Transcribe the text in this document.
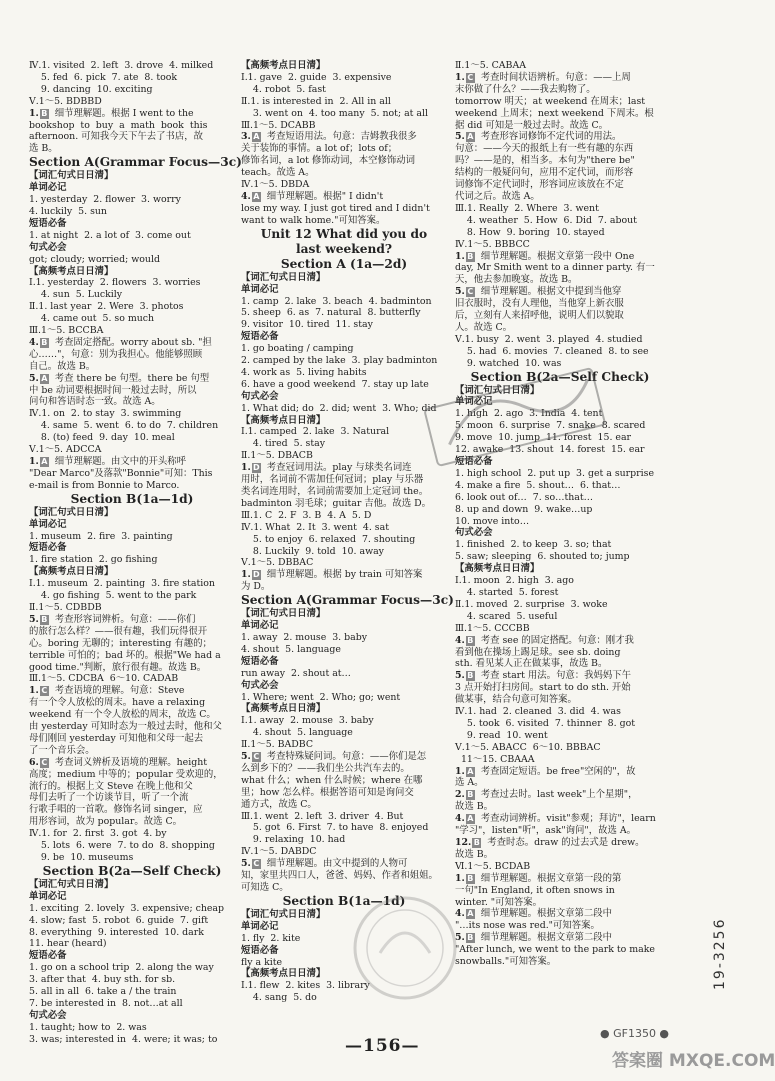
Ⅳ.1. visited  2. left  3. drove  4. milked
5. fed  6. pick  7. ate  8. took
9. dancing  10. exciting
Ⅴ.1～5. BDBBD
1. B  细节理解题。根据 I went to the
bookshop  to  buy  a  math  book  this
afternoon. 可知我今天下午去了书店，故
选 B。
Section A(Grammar Focus—3c)
【词汇句式日日清】
单词必记
1. yesterday  2. flower  3. worry
4. luckily  5. sun
短语必备
1. at night  2. a lot of  3. come out
句式必会
got; cloudy; worried; would
【高频考点日日清】
Ⅰ.1. yesterday  2. flowers  3. worries
4. sun  5. Luckily
Ⅱ.1. last year  2. Were  3. photos
4. came out  5. so much
Ⅲ.1～5. BCCBA
4. B  考查固定搭配。worry about sb. "担
心……"，句意：别为我担心。他能够照顾
自己。故选 B。
5. A  考查 there be 句型。there be 句型
中 be 动词要根据时间一般过去时，所以
问句和答语时态一致。故选 A。
Ⅳ.1. on  2. to stay  3. swimming
4. same  5. went  6. to do  7. children
8. (to) feed  9. day  10. meal
Ⅴ.1～5. ADCCA
1. A  细节理解题。由文中的开头称呼
"Dear Marco"及落款"Bonnie"可知：This
e-mail is from Bonnie to Marco.
Section B(1a—1d)
【词汇句式日日清】
单词必记
1. museum  2. fire  3. painting
短语必备
1. fire station  2. go fishing
【高频考点日日清】
Ⅰ.1. museum  2. painting  3. fire station
4. go fishing  5. went to the park
Ⅱ.1～5. CDBDB
5. B  考查形容词辨析。句意：——你们
的旅行怎么样？——很有趣，我们玩得很开
心。boring 无聊的；interesting 有趣的；
terrible 可怕的；bad 坏的。根据"We had a
good time."判断，旅行很有趣。故选 B。
Ⅲ.1～5. CDCBA  6～10. CADAB
1. C  考查语境的理解。句意：Steve
有一个令人放松的周末。have a relaxing
weekend 有一个令人放松的周末，故选 C。
由 yesterday 可知时态为一般过去时，他和父
母们刚回 yesterday 可知他和父母一起去
了一个音乐会。
6. C  考查词义辨析及语境的理解。height
高度；medium 中等的；popular 受欢迎的，
流行的。根据上文 Steve 在晚上他和父
母们去听了一个访谈节目，听了一个流
行歌手唱的一首歌。修饰名词 singer，应
用形容词，故为 popular。故选 C。
Ⅳ.1. for  2. first  3. got  4. by
5. lots  6. were  7. to do  8. shopping
9. be  10. museums
Section B(2a—Self Check)
【词汇句式日日清】
单词必记
1. exciting  2. lovely  3. expensive; cheap
4. slow; fast  5. robot  6. guide  7. gift
8. everything  9. interested  10. dark
11. hear (heard)
短语必备
1. go on a school trip  2. along the way
3. after that  4. buy sth. for sb.
5. all in all  6. take a / the train
7. be interested in  8. not…at all
句式必会
1. taught; how to  2. was
3. was; interested in  4. were; it was; to
【高频考点日日清】
Ⅰ.1. gave  2. guide  3. expensive
4. robot  5. fast
Ⅱ.1. is interested in  2. All in all
3. went on  4. too many  5. not; at all
Ⅲ.1～5. DCABB
3. A  考查短语用法。句意：吉姆教我很多
关于装饰的事情。a lot of；lots of；
修饰名词，a lot 修饰动词，本空修饰动词
teach。故选 A。
Ⅳ.1～5. DBDA
4. A  细节理解题。根据" I didn't
lose my way. I just got tired and I didn't
want to walk home."可知答案。
Unit 12 What did you do
last weekend?
Section A (1a—2d)
【词汇句式日日清】
单词必记
1. camp  2. lake  3. beach  4. badminton
5. sheep  6. as  7. natural  8. butterfly
9. visitor  10. tired  11. stay
短语必备
1. go boating / camping
2. camped by the lake  3. play badminton
4. work as  5. living habits
6. have a good weekend  7. stay up late
句式必会
1. What did; do  2. did; went  3. Who; did
【高频考点日日清】
Ⅰ.1. camped  2. lake  3. Natural
4. tired  5. stay
Ⅱ.1～5. DBACB
1. D  考查冠词用法。play 与球类名词连
用时，名词前不需加任何冠词；play 与乐器
类名词连用时，名词前需要加上定冠词 the。
badminton 羽毛球；guitar 吉他。故选 D。
Ⅲ.1. C  2. F  3. B  4. A  5. D
Ⅳ.1. What  2. It  3. went  4. sat
5. to enjoy  6. relaxed  7. shouting
8. Luckily  9. told  10. away
Ⅴ.1～5. DBBAC
1. D  细节理解题。根据 by train 可知答案
为 D。
Section A(Grammar Focus—3c)
【词汇句式日日清】
单词必记
1. away  2. mouse  3. baby
4. shout  5. language
短语必备
run away  2. shout at…
句式必会
1. Where; went  2. Who; go; went
【高频考点日日清】
Ⅰ.1. away  2. mouse  3. baby
4. shout  5. language
Ⅱ.1～5. BADBC
5. C  考查特殊疑问词。句意：——你们是怎
么到乡下的？——我们坐公共汽车去的。
what 什么；when 什么时候；where 在哪
里；how 怎么样。根据答语可知是询问交
通方式，故选 C。
Ⅲ.1. went  2. left  3. driver  4. But
5. got  6. First  7. to have  8. enjoyed
9. relaxing  10. had
Ⅳ.1～5. DABDC
5. C  细节理解题。由文中提到的人物可
知，家里共四口人，爸爸、妈妈、作者和姐姐。
可知选 C。
Section B(1a—1d)
【词汇句式日日清】
单词必记
1. fly  2. kite
短语必备
fly a kite
【高频考点日日清】
Ⅰ.1. flew  2. kites  3. library
4. sang  5. do
Ⅱ.1～5. CABAA
1. C  考查时间状语辨析。句意：——上周
末你做了什么？——我去购物了。
tomorrow 明天；at weekend 在周末；last
weekend 上周末；next weekend 下周末。根
据 did 可知是一般过去时。故选 C。
5. A  考查形容词修饰不定代词的用法。
句意：——今天的报纸上有一些有趣的东西
吗？——是的，相当多。本句为"there be"
结构的一般疑问句，应用不定代词，而形容
词修饰不定代词时，形容词应该放在不定
代词之后。故选 A。
Ⅲ.1. Really  2. Where  3. went
4. weather  5. How  6. Did  7. about
8. How  9. boring  10. stayed
Ⅳ.1～5. BBBCC
1. B  细节理解题。根据文章第一段中 One
day, Mr Smith went to a dinner party. 有一
天，他去参加晚宴。故选 B。
5. C  细节理解题。根据文中提到当他穿
旧衣服时，没有人理他，当他穿上新衣服
后，立刻有人来招呼他，说明人们以貌取
人。故选 C。
Ⅴ.1. busy  2. went  3. played  4. studied
5. had  6. movies  7. cleaned  8. to see
9. watched  10. was
Section B(2a—Self Check)
【词汇句式日日清】
单词必记
1. high  2. ago  3. India  4. tent
5. moon  6. surprise  7. snake  8. scared
9. move  10. jump  11. forest  15. ear
12. awake  13. shout  14. forest  15. ear
短语必备
1. high school  2. put up  3. get a surprise
4. make a fire  5. shout…  6. that…
6. look out of…  7. so…that…
8. up and down  9. wake…up
10. move into…
句式必会
1. finished  2. to keep  3. so; that
5. saw; sleeping  6. shouted to; jump
【高频考点日日清】
Ⅰ.1. moon  2. high  3. ago
4. started  5. forest
Ⅱ.1. moved  2. surprise  3. woke
4. scared  5. useful
Ⅲ.1～5. CCCBB
4. B  考查 see 的固定搭配。句意：刚才我
看到他在操场上踢足球。see sb. doing
sth. 看见某人正在做某事，故选 B。
5. B  考查 start 用法。句意：我妈妈下午
3 点开始打扫房间。start to do sth. 开始
做某事，结合句意可知答案。
Ⅳ.1. had  2. cleaned  3. did  4. was
5. took  6. visited  7. thinner  8. got
9. read  10. went
Ⅴ.1～5. ABACC  6～10. BBBAC
11～15. CBAAA
1. A  考查固定短语。be free"空闲的"，故
选 A。
2. B  考查过去时。last week"上个星期"，
故选 B。
4. A  考查动词辨析。visit"参观；拜访"，learn
"学习"，listen"听"，ask"询问"，故选 A。
12. B  考查时态。draw 的过去式是 drew。
故选 B。
Ⅵ.1～5. BCDAB
1. B  细节理解题。根据文章第一段的第
一句"In England, it often snows in
winter. "可知答案。
4. A  细节理解题。根据文章第二段中
"…its nose was red."可知答案。
5. B  细节理解题。根据文章第二段中
"After lunch, we went to the park to make
snowballs."可知答案。
—156—
● GF1350 ●
19-3256
答案圈 MXQE.COM
